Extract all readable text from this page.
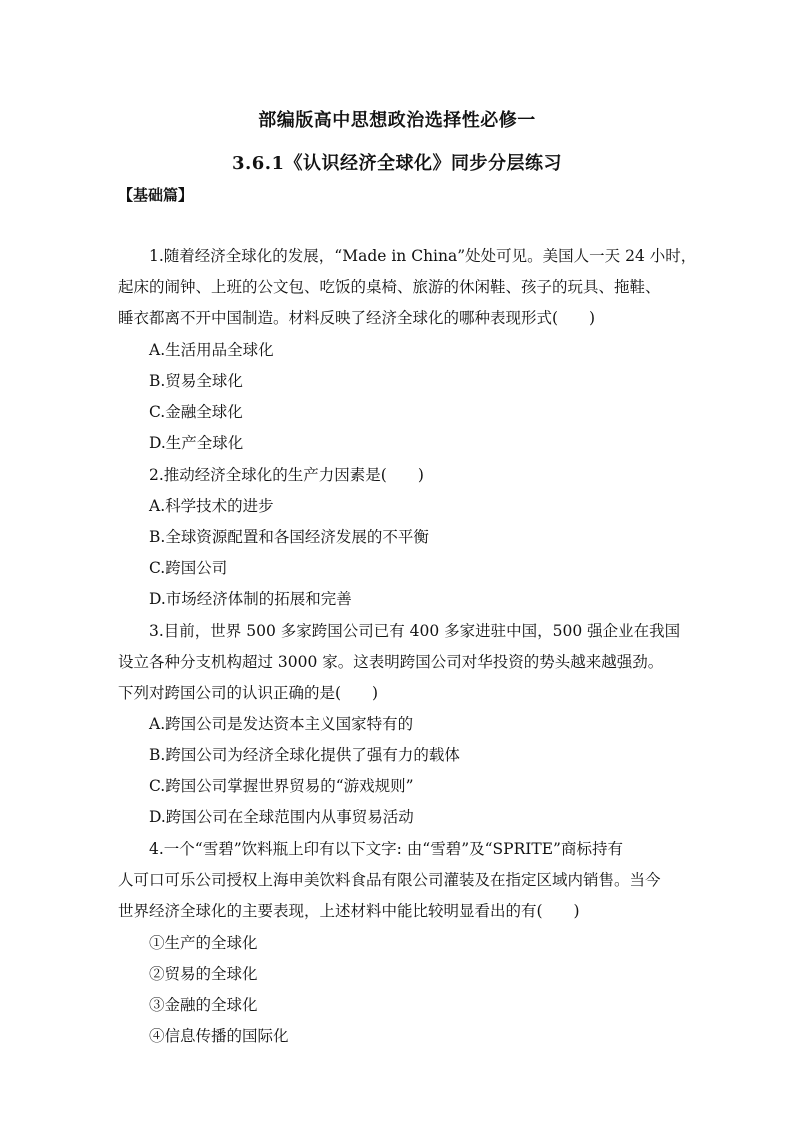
部编版高中思想政治选择性必修一
3.6.1《认识经济全球化》同步分层练习
【基础篇】
1.随着经济全球化的发展，“Made in China”处处可见。美国人一天 24 小时，
起床的闹钟、上班的公文包、吃饭的桌椅、旅游的休闲鞋、孩子的玩具、拖鞋、
睡衣都离不开中国制造。材料反映了经济全球化的哪种表现形式(　　)
A.生活用品全球化
B.贸易全球化
C.金融全球化
D.生产全球化
2.推动经济全球化的生产力因素是(　　)
A.科学技术的进步
B.全球资源配置和各国经济发展的不平衡
C.跨国公司
D.市场经济体制的拓展和完善
3.目前，世界 500 多家跨国公司已有 400 多家进驻中国，500 强企业在我国
设立各种分支机构超过 3000 家。这表明跨国公司对华投资的势头越来越强劲。
下列对跨国公司的认识正确的是(　　)
A.跨国公司是发达资本主义国家特有的
B.跨国公司为经济全球化提供了强有力的载体
C.跨国公司掌握世界贸易的“游戏规则”
D.跨国公司在全球范围内从事贸易活动
4.一个“雪碧”饮料瓶上印有以下文字: 由“雪碧”及“SPRITE”商标持有
人可口可乐公司授权上海申美饮料食品有限公司灌装及在指定区域内销售。当今
世界经济全球化的主要表现，上述材料中能比较明显看出的有(　　)
①生产的全球化
②贸易的全球化
③金融的全球化
④信息传播的国际化
